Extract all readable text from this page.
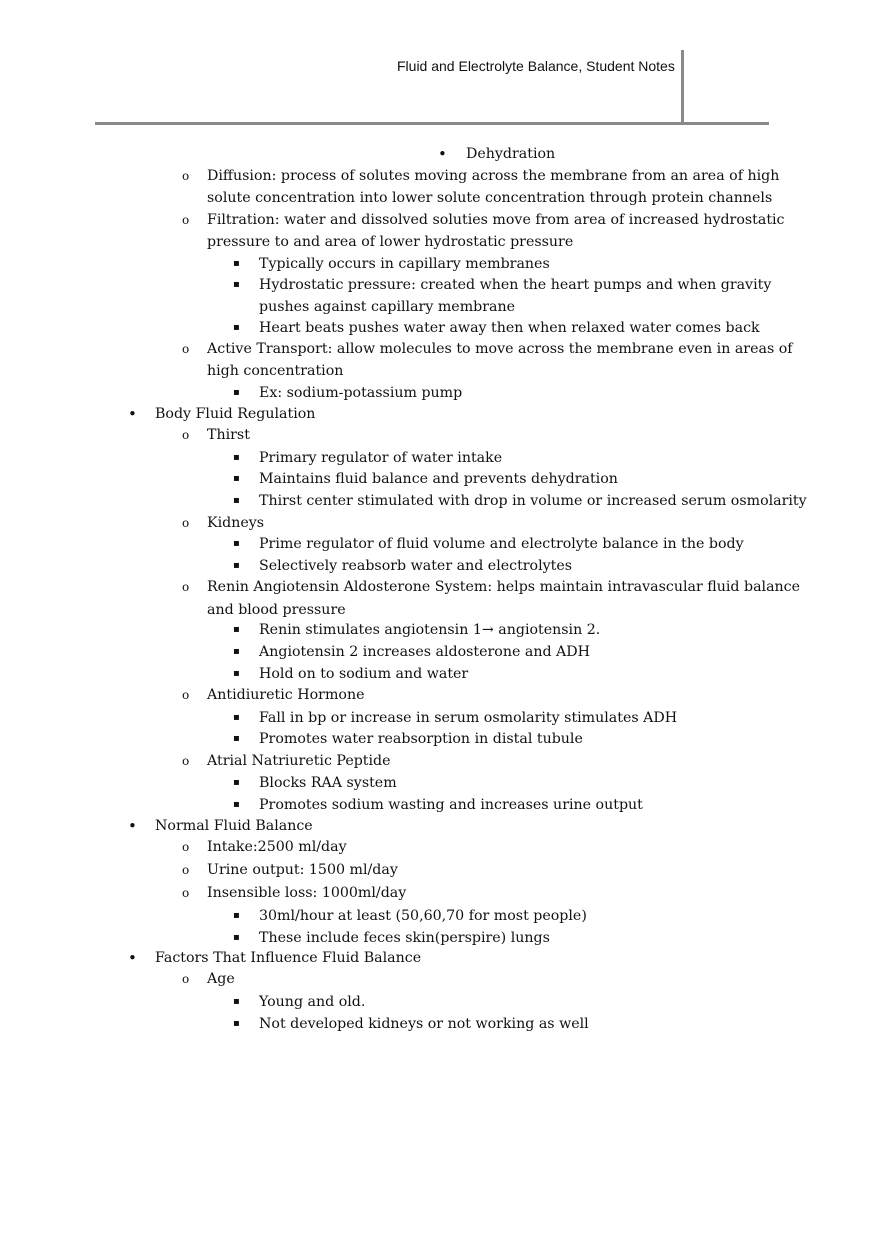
Fluid and Electrolyte Balance, Student Notes
• Dehydration
o Diffusion: process of solutes moving across the membrane from an area of high
solute concentration into lower solute concentration through protein channels
o Filtration: water and dissolved soluties move from area of increased hydrostatic
pressure to and area of lower hydrostatic pressure
▪ Typically occurs in capillary membranes
▪ Hydrostatic pressure: created when the heart pumps and when gravity
pushes against capillary membrane
▪ Heart beats pushes water away then when relaxed water comes back
o Active Transport: allow molecules to move across the membrane even in areas of
high concentration
▪ Ex: sodium-potassium pump
• Body Fluid Regulation
o Thirst
▪ Primary regulator of water intake
▪ Maintains fluid balance and prevents dehydration
▪ Thirst center stimulated with drop in volume or increased serum osmolarity
o Kidneys
▪ Prime regulator of fluid volume and electrolyte balance in the body
▪ Selectively reabsorb water and electrolytes
o Renin Angiotensin Aldosterone System: helps maintain intravascular fluid balance
and blood pressure
▪ Renin stimulates angiotensin 1→ angiotensin 2.
▪ Angiotensin 2 increases aldosterone and ADH
▪ Hold on to sodium and water
o Antidiuretic Hormone
▪ Fall in bp or increase in serum osmolarity stimulates ADH
▪ Promotes water reabsorption in distal tubule
o Atrial Natriuretic Peptide
▪ Blocks RAA system
▪ Promotes sodium wasting and increases urine output
• Normal Fluid Balance
o Intake:2500 ml/day
o Urine output: 1500 ml/day
o Insensible loss: 1000ml/day
▪ 30ml/hour at least (50,60,70 for most people)
▪ These include feces skin(perspire) lungs
• Factors That Influence Fluid Balance
o Age
▪ Young and old.
▪ Not developed kidneys or not working as well
